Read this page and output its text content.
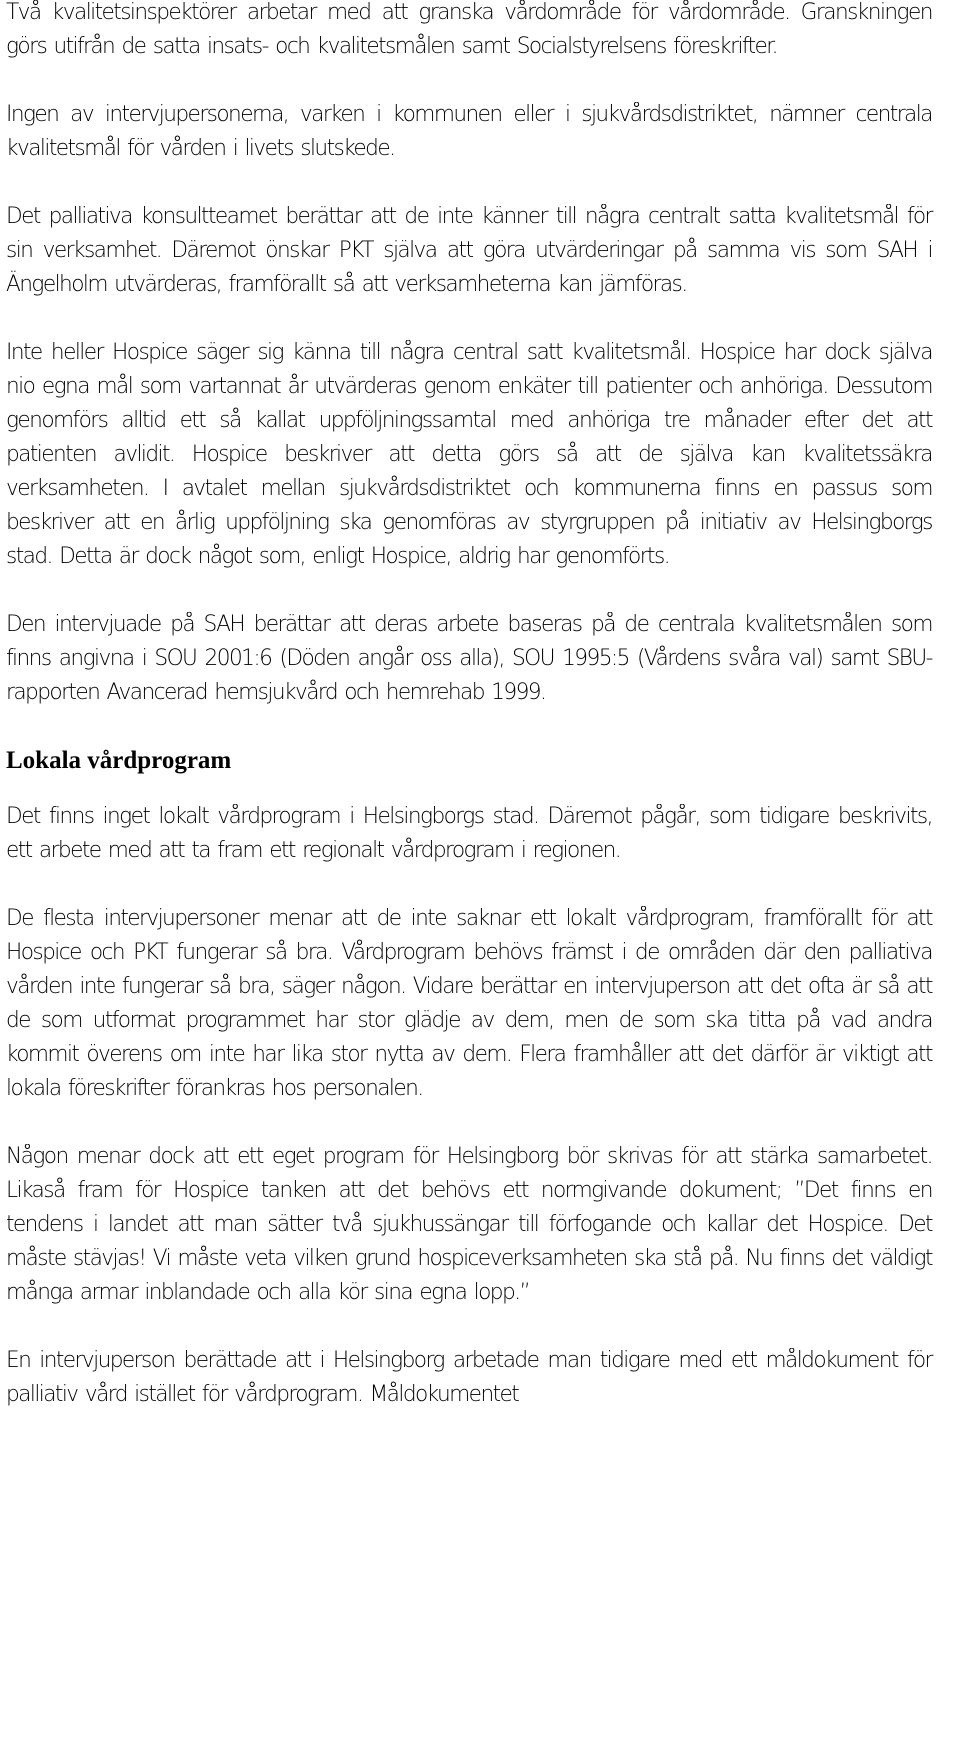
Två kvalitetsinspektörer arbetar med att granska vårdområde för vårdområde. Granskningen görs utifrån de satta insats- och kvalitetsmålen samt Socialstyrelsens föreskrifter.

Ingen av intervjupersonerna, varken i kommunen eller i sjukvårdsdistriktet, nämner centrala kvalitetsmål för vården i livets slutskede.

Det palliativa konsultteamet berättar att de inte känner till några centralt satta kvalitetsmål för sin verksamhet. Däremot önskar PKT själva att göra utvärderingar på samma vis som SAH i Ängelholm utvärderas, framförallt så att verksamheterna kan jämföras.

Inte heller Hospice säger sig känna till några central satt kvalitetsmål. Hospice har dock själva nio egna mål som vartannat år utvärderas genom enkäter till patienter och anhöriga. Dessutom genomförs alltid ett så kallat uppföljningssamtal med anhöriga tre månader efter det att patienten avlidit. Hospice beskriver att detta görs så att de själva kan kvalitetssäkra verksamheten. I avtalet mellan sjukvårdsdistriktet och kommunerna finns en passus som beskriver att en årlig uppföljning ska genomföras av styrgruppen på initiativ av Helsingborgs stad. Detta är dock något som, enligt Hospice, aldrig har genomförts.

Den intervjuade på SAH berättar att deras arbete baseras på de centrala kvalitetsmålen som finns angivna i SOU 2001:6 (Döden angår oss alla), SOU 1995:5 (Vårdens svåra val) samt SBU-rapporten Avancerad hemsjukvård och hemrehab 1999.

Lokala vårdprogram

Det finns inget lokalt vårdprogram i Helsingborgs stad. Däremot pågår, som tidigare beskrivits, ett arbete med att ta fram ett regionalt vårdprogram i regionen.

De flesta intervjupersoner menar att de inte saknar ett lokalt vårdprogram, framförallt för att Hospice och PKT fungerar så bra. Vårdprogram behövs främst i de områden där den palliativa vården inte fungerar så bra, säger någon. Vidare berättar en intervjuperson att det ofta är så att de som utformat programmet har stor glädje av dem, men de som ska titta på vad andra kommit överens om inte har lika stor nytta av dem. Flera framhåller att det därför är viktigt att lokala föreskrifter förankras hos personalen.

Någon menar dock att ett eget program för Helsingborg bör skrivas för att stärka samarbetet. Likaså fram för Hospice tanken att det behövs ett normgivande dokument; ”Det finns en tendens i landet att man sätter två sjukhussängar till förfogande och kallar det Hospice. Det måste stävjas! Vi måste veta vilken grund hospiceverksamheten ska stå på. Nu finns det väldigt många armar inblandade och alla kör sina egna lopp.”

En intervjuperson berättade att i Helsingborg arbetade man tidigare med ett måldokument för palliativ vård istället för vårdprogram. Måldokumentet
